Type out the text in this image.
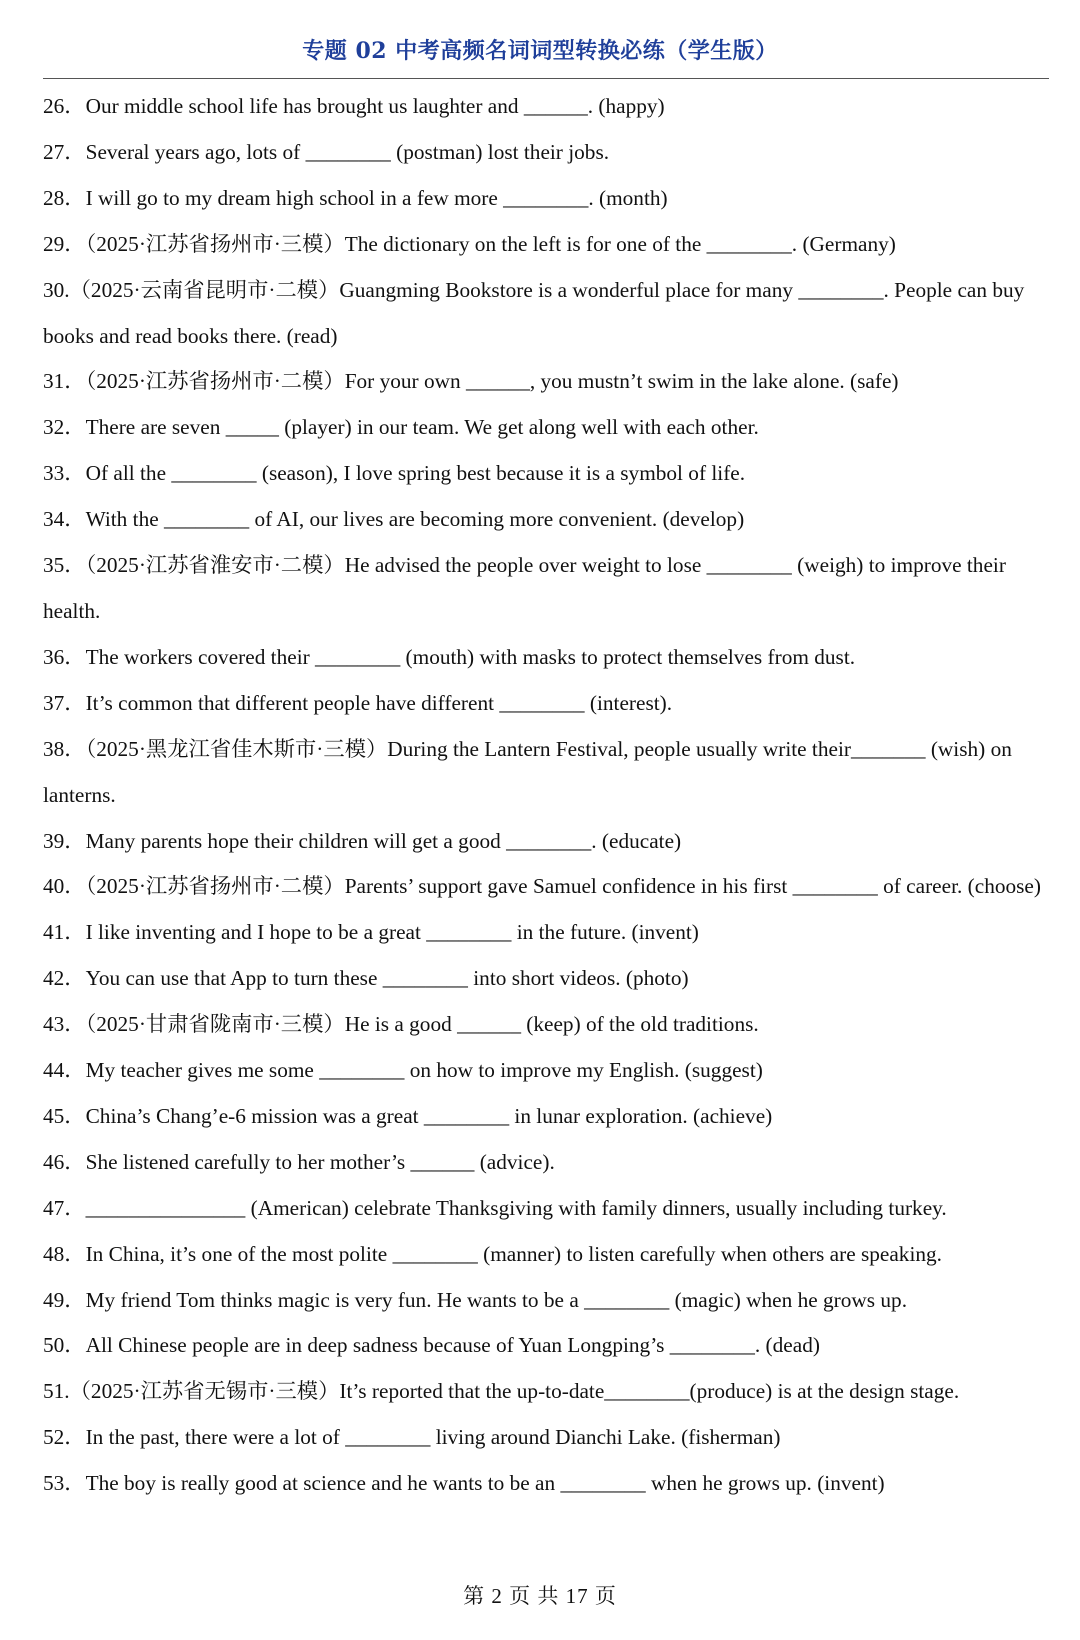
专题 02 中考高频名词词型转换必练（学生版）

26．Our middle school life has brought us laughter and ______. (happy)

27．Several years ago, lots of ________ (postman) lost their jobs.

28．I will go to my dream high school in a few more ________. (month)

29．（2025·江苏省扬州市·三模）The dictionary on the left is for one of the ________. (Germany)

30.（2025·云南省昆明市·二模）Guangming Bookstore is a wonderful place for many ________. People can buy books and read books there. (read)

31．（2025·江苏省扬州市·二模）For your own ______, you mustn’t swim in the lake alone. (safe)

32．There are seven _____ (player) in our team. We get along well with each other.

33．Of all the ________ (season), I love spring best because it is a symbol of life.

34．With the ________ of AI, our lives are becoming more convenient. (develop)

35．（2025·江苏省淮安市·二模）He advised the people over weight to lose ________ (weigh) to improve their health.

36．The workers covered their ________ (mouth) with masks to protect themselves from dust.

37．It’s common that different people have different ________ (interest).

38．（2025·黑龙江省佳木斯市·三模）During the Lantern Festival, people usually write their_______ (wish) on lanterns.

39．Many parents hope their children will get a good ________. (educate)

40．（2025·江苏省扬州市·二模）Parents’ support gave Samuel confidence in his first ________ of career. (choose)

41．I like inventing and I hope to be a great ________ in the future. (invent)

42．You can use that App to turn these ________ into short videos. (photo)

43．（2025·甘肃省陇南市·三模）He is a good ______ (keep) of the old traditions.

44．My teacher gives me some ________ on how to improve my English. (suggest)

45．China’s Chang’e-6 mission was a great ________ in lunar exploration. (achieve)

46．She listened carefully to her mother’s ______ (advice).

47．_______________ (American) celebrate Thanksgiving with family dinners, usually including turkey.

48．In China, it’s one of the most polite ________ (manner) to listen carefully when others are speaking.

49．My friend Tom thinks magic is very fun. He wants to be a ________ (magic) when he grows up.

50．All Chinese people are in deep sadness because of Yuan Longping’s ________. (dead)

51.（2025·江苏省无锡市·三模）It’s reported that the up-to-date________(produce) is at the design stage.

52．In the past, there were a lot of ________ living around Dianchi Lake. (fisherman)

53．The boy is really good at science and he wants to be an ________ when he grows up. (invent)

第 2 页 共 17 页
